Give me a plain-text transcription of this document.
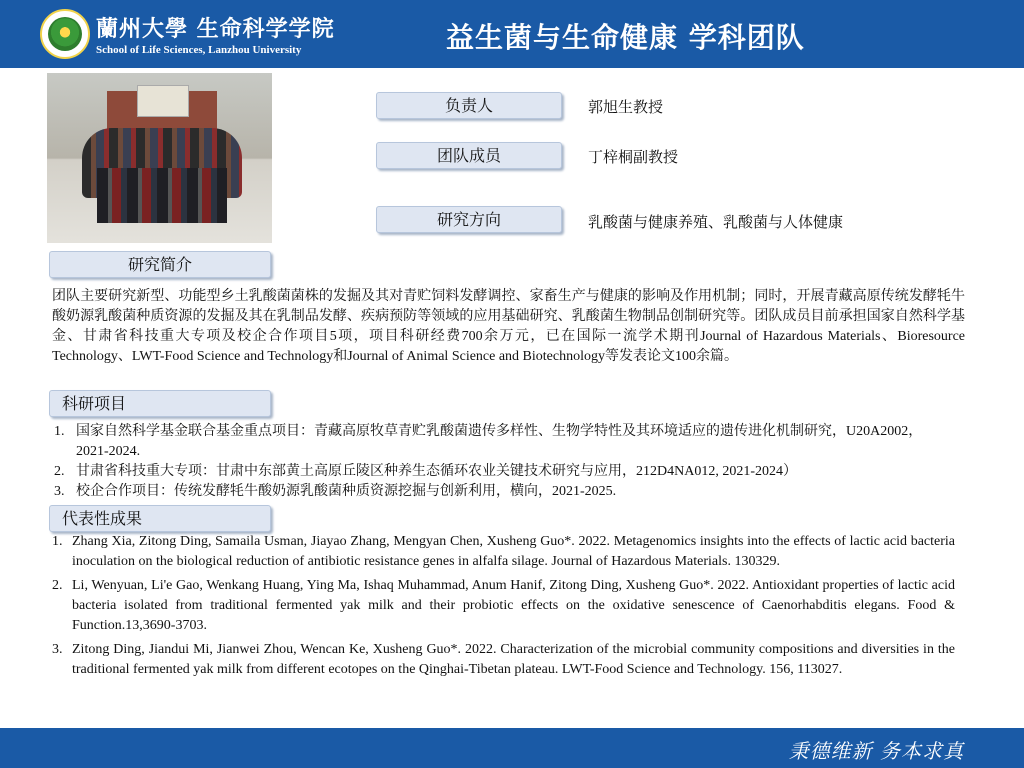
蘭州大學 生命科学学院
School of Life Sciences, Lanzhou University	益生菌与生命健康 学科团队
负责人	郭旭生教授
团队成员	丁梓桐副教授
研究方向	乳酸菌与健康养殖、乳酸菌与人体健康
研究简介
团队主要研究新型、功能型乡土乳酸菌菌株的发掘及其对青贮饲料发酵调控、家畜生产与健康的影响及作用机制；同时，开展青藏高原传统发酵牦牛酸奶源乳酸菌种质资源的发掘及其在乳制品发酵、疾病预防等领域的应用基础研究、乳酸菌生物制品创制研究等。团队成员目前承担国家自然科学基金、甘肃省科技重大专项及校企合作项目5项，项目科研经费700余万元，已在国际一流学术期刊Journal of Hazardous Materials、Bioresource Technology、LWT-Food Science and Technology和Journal of Animal Science and Biotechnology等发表论文100余篇。
科研项目
1. 国家自然科学基金联合基金重点项目：青藏高原牧草青贮乳酸菌遗传多样性、生物学特性及其环境适应的遗传进化机制研究，U20A2002，2021-2024.
2. 甘肃省科技重大专项：甘肃中东部黄土高原丘陵区种养生态循环农业关键技术研究与应用，212D4NA012, 2021-2024）
3. 校企合作项目：传统发酵牦牛酸奶源乳酸菌种质资源挖掘与创新利用，横向，2021-2025.
代表性成果
1. Zhang Xia, Zitong Ding, Samaila Usman, Jiayao Zhang, Mengyan Chen, Xusheng Guo*. 2022. Metagenomics insights into the effects of lactic acid bacteria inoculation on the biological reduction of antibiotic resistance genes in alfalfa silage. Journal of Hazardous Materials. 130329.
2. Li, Wenyuan, Li'e Gao, Wenkang Huang, Ying Ma, Ishaq Muhammad, Anum Hanif, Zitong Ding, Xusheng Guo*. 2022. Antioxidant properties of lactic acid bacteria isolated from traditional fermented yak milk and their probiotic effects on the oxidative senescence of Caenorhabditis elegans. Food & Function.13,3690-3703.
3. Zitong Ding, Jiandui Mi, Jianwei Zhou, Wencan Ke, Xusheng Guo*. 2022. Characterization of the microbial community compositions and diversities in the traditional fermented yak milk from different ecotopes on the Qinghai-Tibetan plateau. LWT-Food Science and Technology. 156, 113027.
秉德维新 务本求真
